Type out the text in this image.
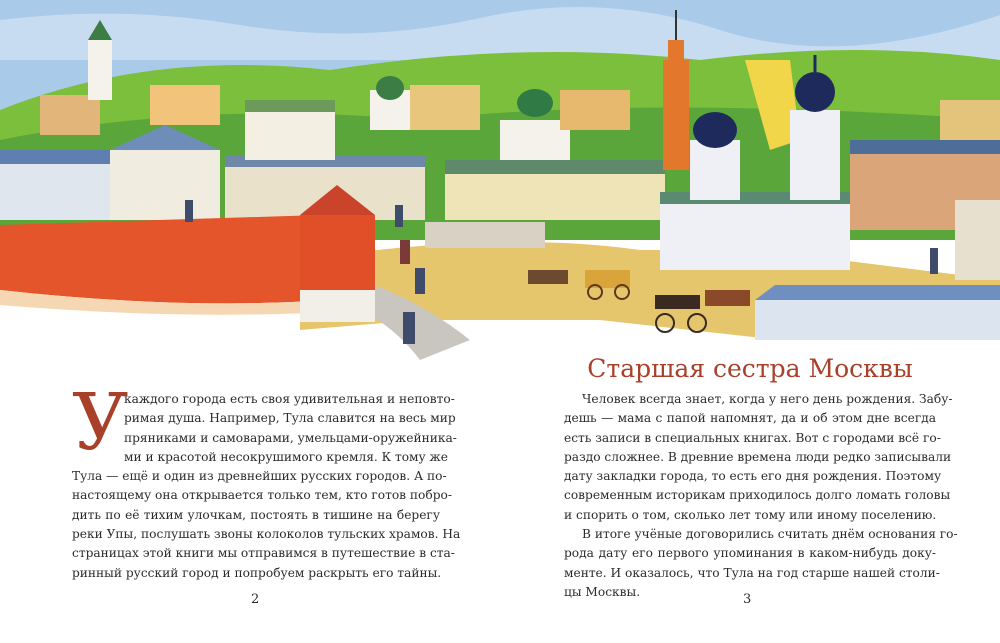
У
каждого города есть своя удивительная и неповто-
римая душа. Например, Тула славится на весь мир
пряниками и самоварами, умельцами-оружейника-
ми и красотой несокрушимого кремля. К тому же
Тула — ещё и один из древнейших русских городов. А по-
настоящему она открывается только тем, кто готов побро-
дить по её тихим улочкам, постоять в тишине на берегу
реки Упы, послушать звоны колоколов тульских храмов. На
страницах этой книги мы отправимся в путешествие в ста-
ринный русский город и попробуем раскрыть его тайны.
2
Старшая сестра Москвы
Человек всегда знает, когда у него день рождения. Забу-
дешь — мама с папой напомнят, да и об этом дне всегда
есть записи в специальных книгах. Вот с городами всё го-
раздо сложнее. В древние времена люди редко записывали
дату закладки города, то есть его дня рождения. Поэтому
современным историкам приходилось долго ломать головы
и спорить о том, сколько лет тому или иному поселению.
В итоге учёные договорились считать днём основания го-
рода дату его первого упоминания в каком-нибудь доку-
менте. И оказалось, что Тула на год старше нашей столи-
цы Москвы.
3
